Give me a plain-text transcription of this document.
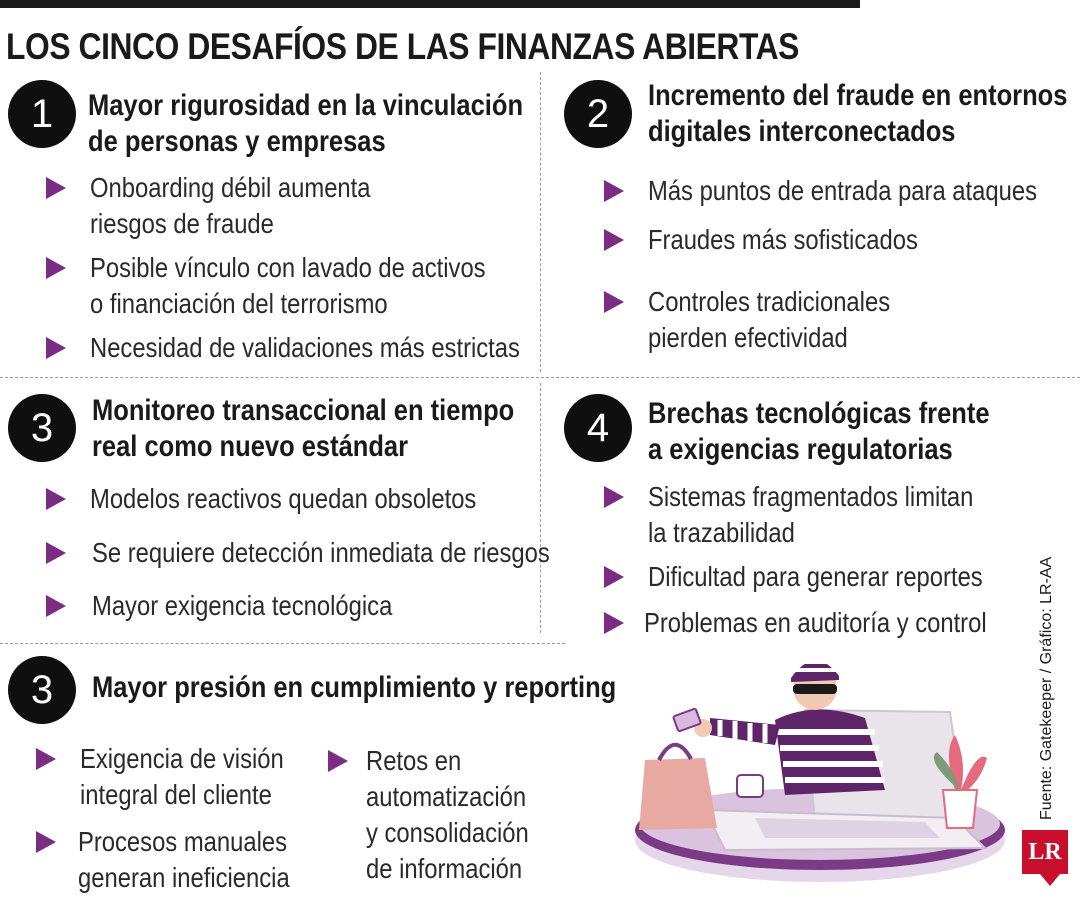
LOS CINCO DESAFÍOS DE LAS FINANZAS ABIERTAS
1	Mayor rigurosidad en la vinculación
de personas y empresas
Onboarding débil aumenta
riesgos de fraude
Posible vínculo con lavado de activos
o financiación del terrorismo
Necesidad de validaciones más estrictas
2	Incremento del fraude en entornos
digitales interconectados
Más puntos de entrada para ataques
Fraudes más sofisticados
Controles tradicionales
pierden efectividad
3	Monitoreo transaccional en tiempo
real como nuevo estándar
Modelos reactivos quedan obsoletos
Se requiere detección inmediata de riesgos
Mayor exigencia tecnológica
4	Brechas tecnológicas frente
a exigencias regulatorias
Sistemas fragmentados limitan
la trazabilidad
Dificultad para generar reportes
Problemas en auditoría y control
3	Mayor presión en cumplimiento y reporting
Exigencia de visión
integral del cliente
Procesos manuales
generan ineficiencia
Retos en
automatización
y consolidación
de información
Fuente: Gatekeeper / Gráfico: LR-AA
LR
